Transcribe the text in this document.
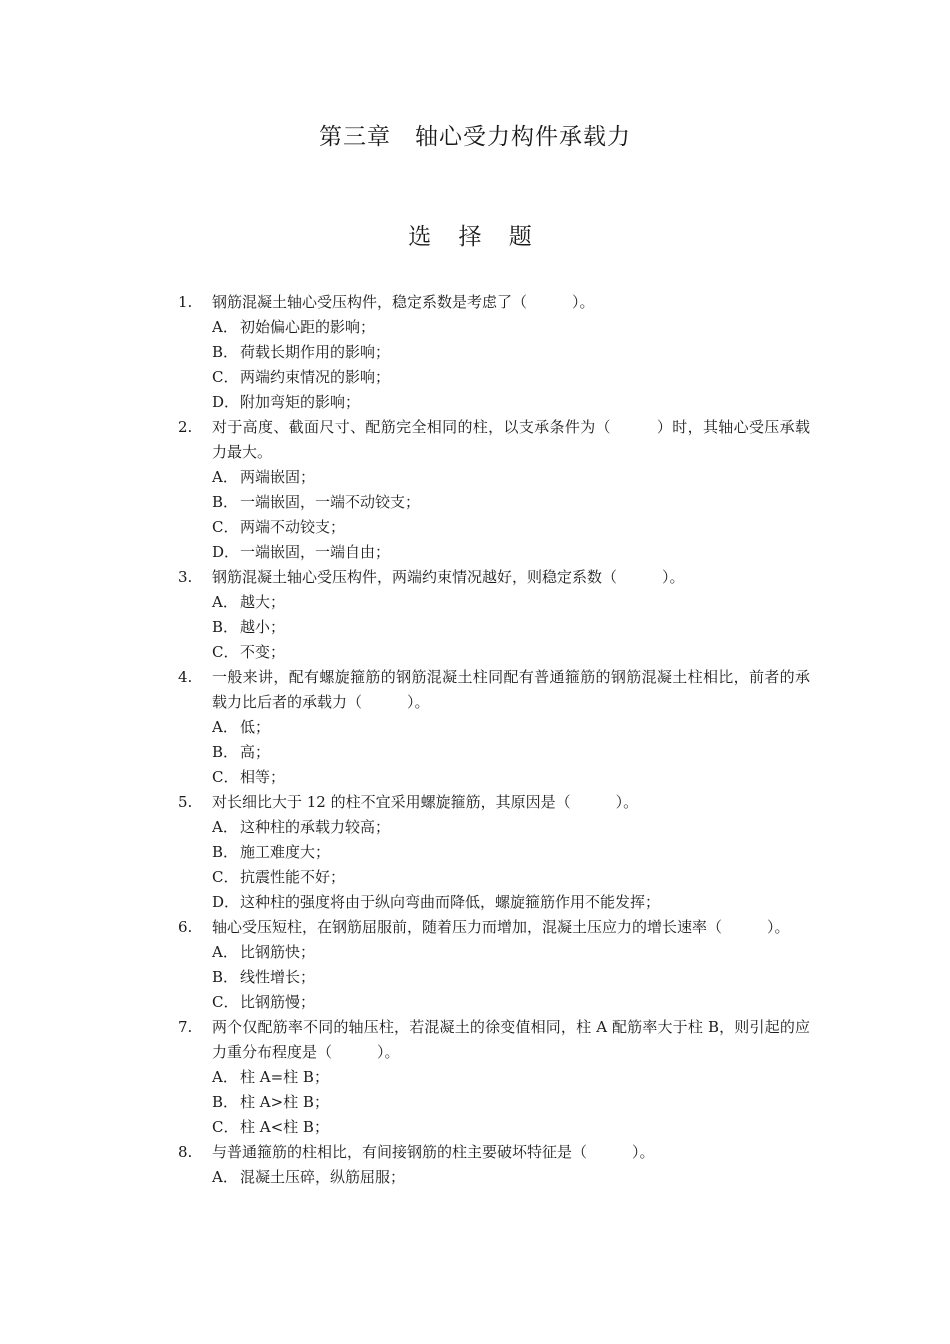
第三章　轴心受力构件承载力
选 择 题
1. 钢筋混凝土轴心受压构件，稳定系数是考虑了（　　　）。
A． 初始偏心距的影响；
B． 荷载长期作用的影响；
C． 两端约束情况的影响；
D．附加弯矩的影响；
2. 对于高度、截面尺寸、配筋完全相同的柱，以支承条件为（　　　）时，其轴心受压承载力最大。
A． 两端嵌固；
B． 一端嵌固，一端不动铰支；
C． 两端不动铰支；
D．一端嵌固，一端自由；
3. 钢筋混凝土轴心受压构件，两端约束情况越好，则稳定系数（　　　）。
A． 越大；
B． 越小；
C． 不变；
4. 一般来讲，配有螺旋箍筋的钢筋混凝土柱同配有普通箍筋的钢筋混凝土柱相比，前者的承载力比后者的承载力（　　　）。
A． 低；
B． 高；
C． 相等；
5. 对长细比大于 12 的柱不宜采用螺旋箍筋，其原因是（　　　）。
A． 这种柱的承载力较高；
B． 施工难度大；
C． 抗震性能不好；
D．这种柱的强度将由于纵向弯曲而降低，螺旋箍筋作用不能发挥；
6. 轴心受压短柱，在钢筋屈服前，随着压力而增加，混凝土压应力的增长速率（　　　）。
A． 比钢筋快；
B． 线性增长；
C． 比钢筋慢；
7. 两个仅配筋率不同的轴压柱，若混凝土的徐变值相同，柱 A 配筋率大于柱 B，则引起的应力重分布程度是（　　　）。
A． 柱 A=柱 B；
B． 柱 A>柱 B；
C． 柱 A<柱 B；
8. 与普通箍筋的柱相比，有间接钢筋的柱主要破坏特征是（　　　）。
A． 混凝土压碎，纵筋屈服；
